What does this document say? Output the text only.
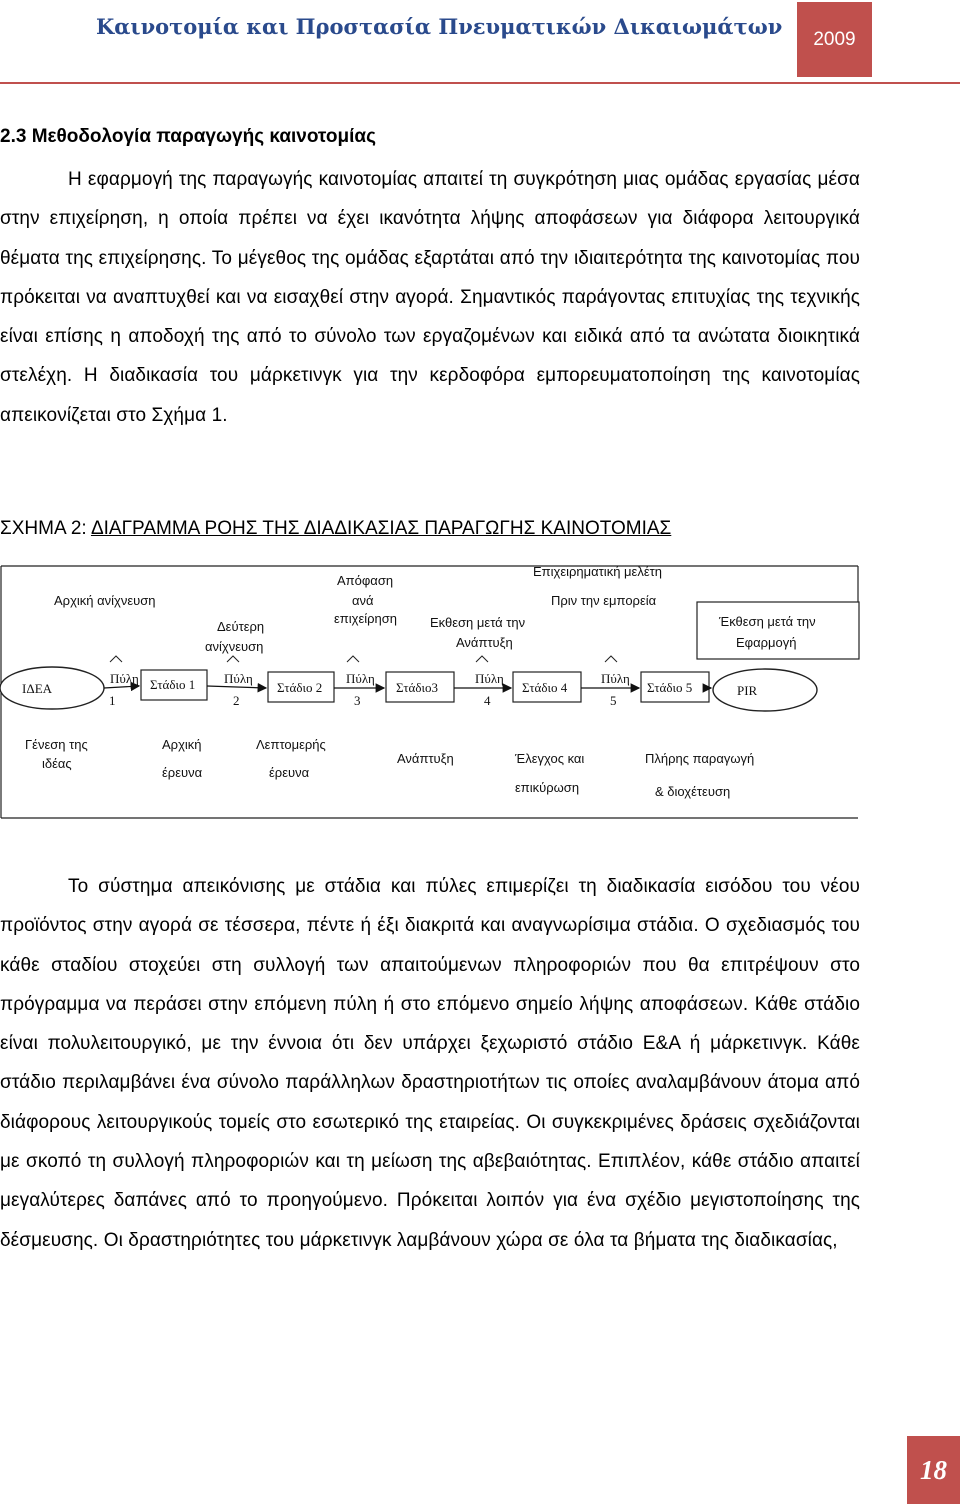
Καινοτομία και Προστασία Πνευματικών Δικαιωμάτων	2009
2.3 Μεθοδολογία παραγωγής καινοτομίας
Η εφαρμογή της παραγωγής καινοτομίας απαιτεί τη συγκρότηση μιας ομάδας εργασίας μέσα στην επιχείρηση, η οποία πρέπει να έχει ικανότητα λήψης αποφάσεων για διάφορα λειτουργικά θέματα της επιχείρησης. Το μέγεθος της ομάδας εξαρτάται από την ιδιαιτερότητα της καινοτομίας που πρόκειται να αναπτυχθεί και να εισαχθεί στην αγορά. Σημαντικός παράγοντας επιτυχίας της τεχνικής είναι επίσης η αποδοχή της από το σύνολο των εργαζομένων και ειδικά από τα ανώτατα διοικητικά στελέχη. Η διαδικασία του μάρκετινγκ για την κερδοφόρα εμπορευματοποίηση της καινοτομίας απεικονίζεται στο Σχήμα 1.
ΣΧΗΜΑ 2: ΔΙΑΓΡΑΜΜΑ ΡΟΗΣ ΤΗΣ ΔΙΑΔΙΚΑΣΙΑΣ ΠΑΡΑΓΩΓΗΣ ΚΑΙΝΟΤΟΜΙΑΣ
Αρχική ανίχνευση
Δεύτερη
ανίχνευση
Απόφαση
ανά
επιχείρηση	Εκθεση μετά την
Ανάπτυξη
Επιχειρηματική μελέτη
Πριν την εμπορεία
Έκθεση μετά την
Εφαρμογή
ΙΔΕΑ
Πύλη
1
Πύλη
2
Πύλη
3
Πύλη
4
Πύλη
5
Στάδιο 1	Στάδιο 2	Στάδιο3	Στάδιο 4	Στάδιο 5	PIR
Γένεση της
ιδέας
Αρχική
έρευνα
Λεπτομερής
έρευνα
Ανάπτυξη	Έλεγχος και
επικύρωση
Πλήρης παραγωγή
& διοχέτευση
Το σύστημα απεικόνισης με στάδια και πύλες επιμερίζει τη διαδικασία εισόδου του νέου προϊόντος στην αγορά σε τέσσερα, πέντε ή έξι διακριτά και αναγνωρίσιμα στάδια. Ο σχεδιασμός του κάθε σταδίου στοχεύει στη συλλογή των απαιτούμενων πληροφοριών που θα επιτρέψουν στο πρόγραμμα να περάσει στην επόμενη πύλη ή στο επόμενο σημείο λήψης αποφάσεων. Κάθε στάδιο είναι πολυλειτουργικό, με την έννοια ότι δεν υπάρχει ξεχωριστό στάδιο Ε&Α ή μάρκετινγκ. Κάθε στάδιο περιλαμβάνει ένα σύνολο παράλληλων δραστηριοτήτων τις οποίες αναλαμβάνουν άτομα από διάφορους λειτουργικούς τομείς στο εσωτερικό της εταιρείας. Οι συγκεκριμένες δράσεις σχεδιάζονται με σκοπό τη συλλογή πληροφοριών και τη μείωση της αβεβαιότητας. Επιπλέον, κάθε στάδιο απαιτεί μεγαλύτερες δαπάνες από το προηγούμενο. Πρόκειται λοιπόν για ένα σχέδιο μεγιστοποίησης της δέσμευσης. Οι δραστηριότητες του μάρκετινγκ λαμβάνουν χώρα σε όλα τα βήματα της διαδικασίας,
18
